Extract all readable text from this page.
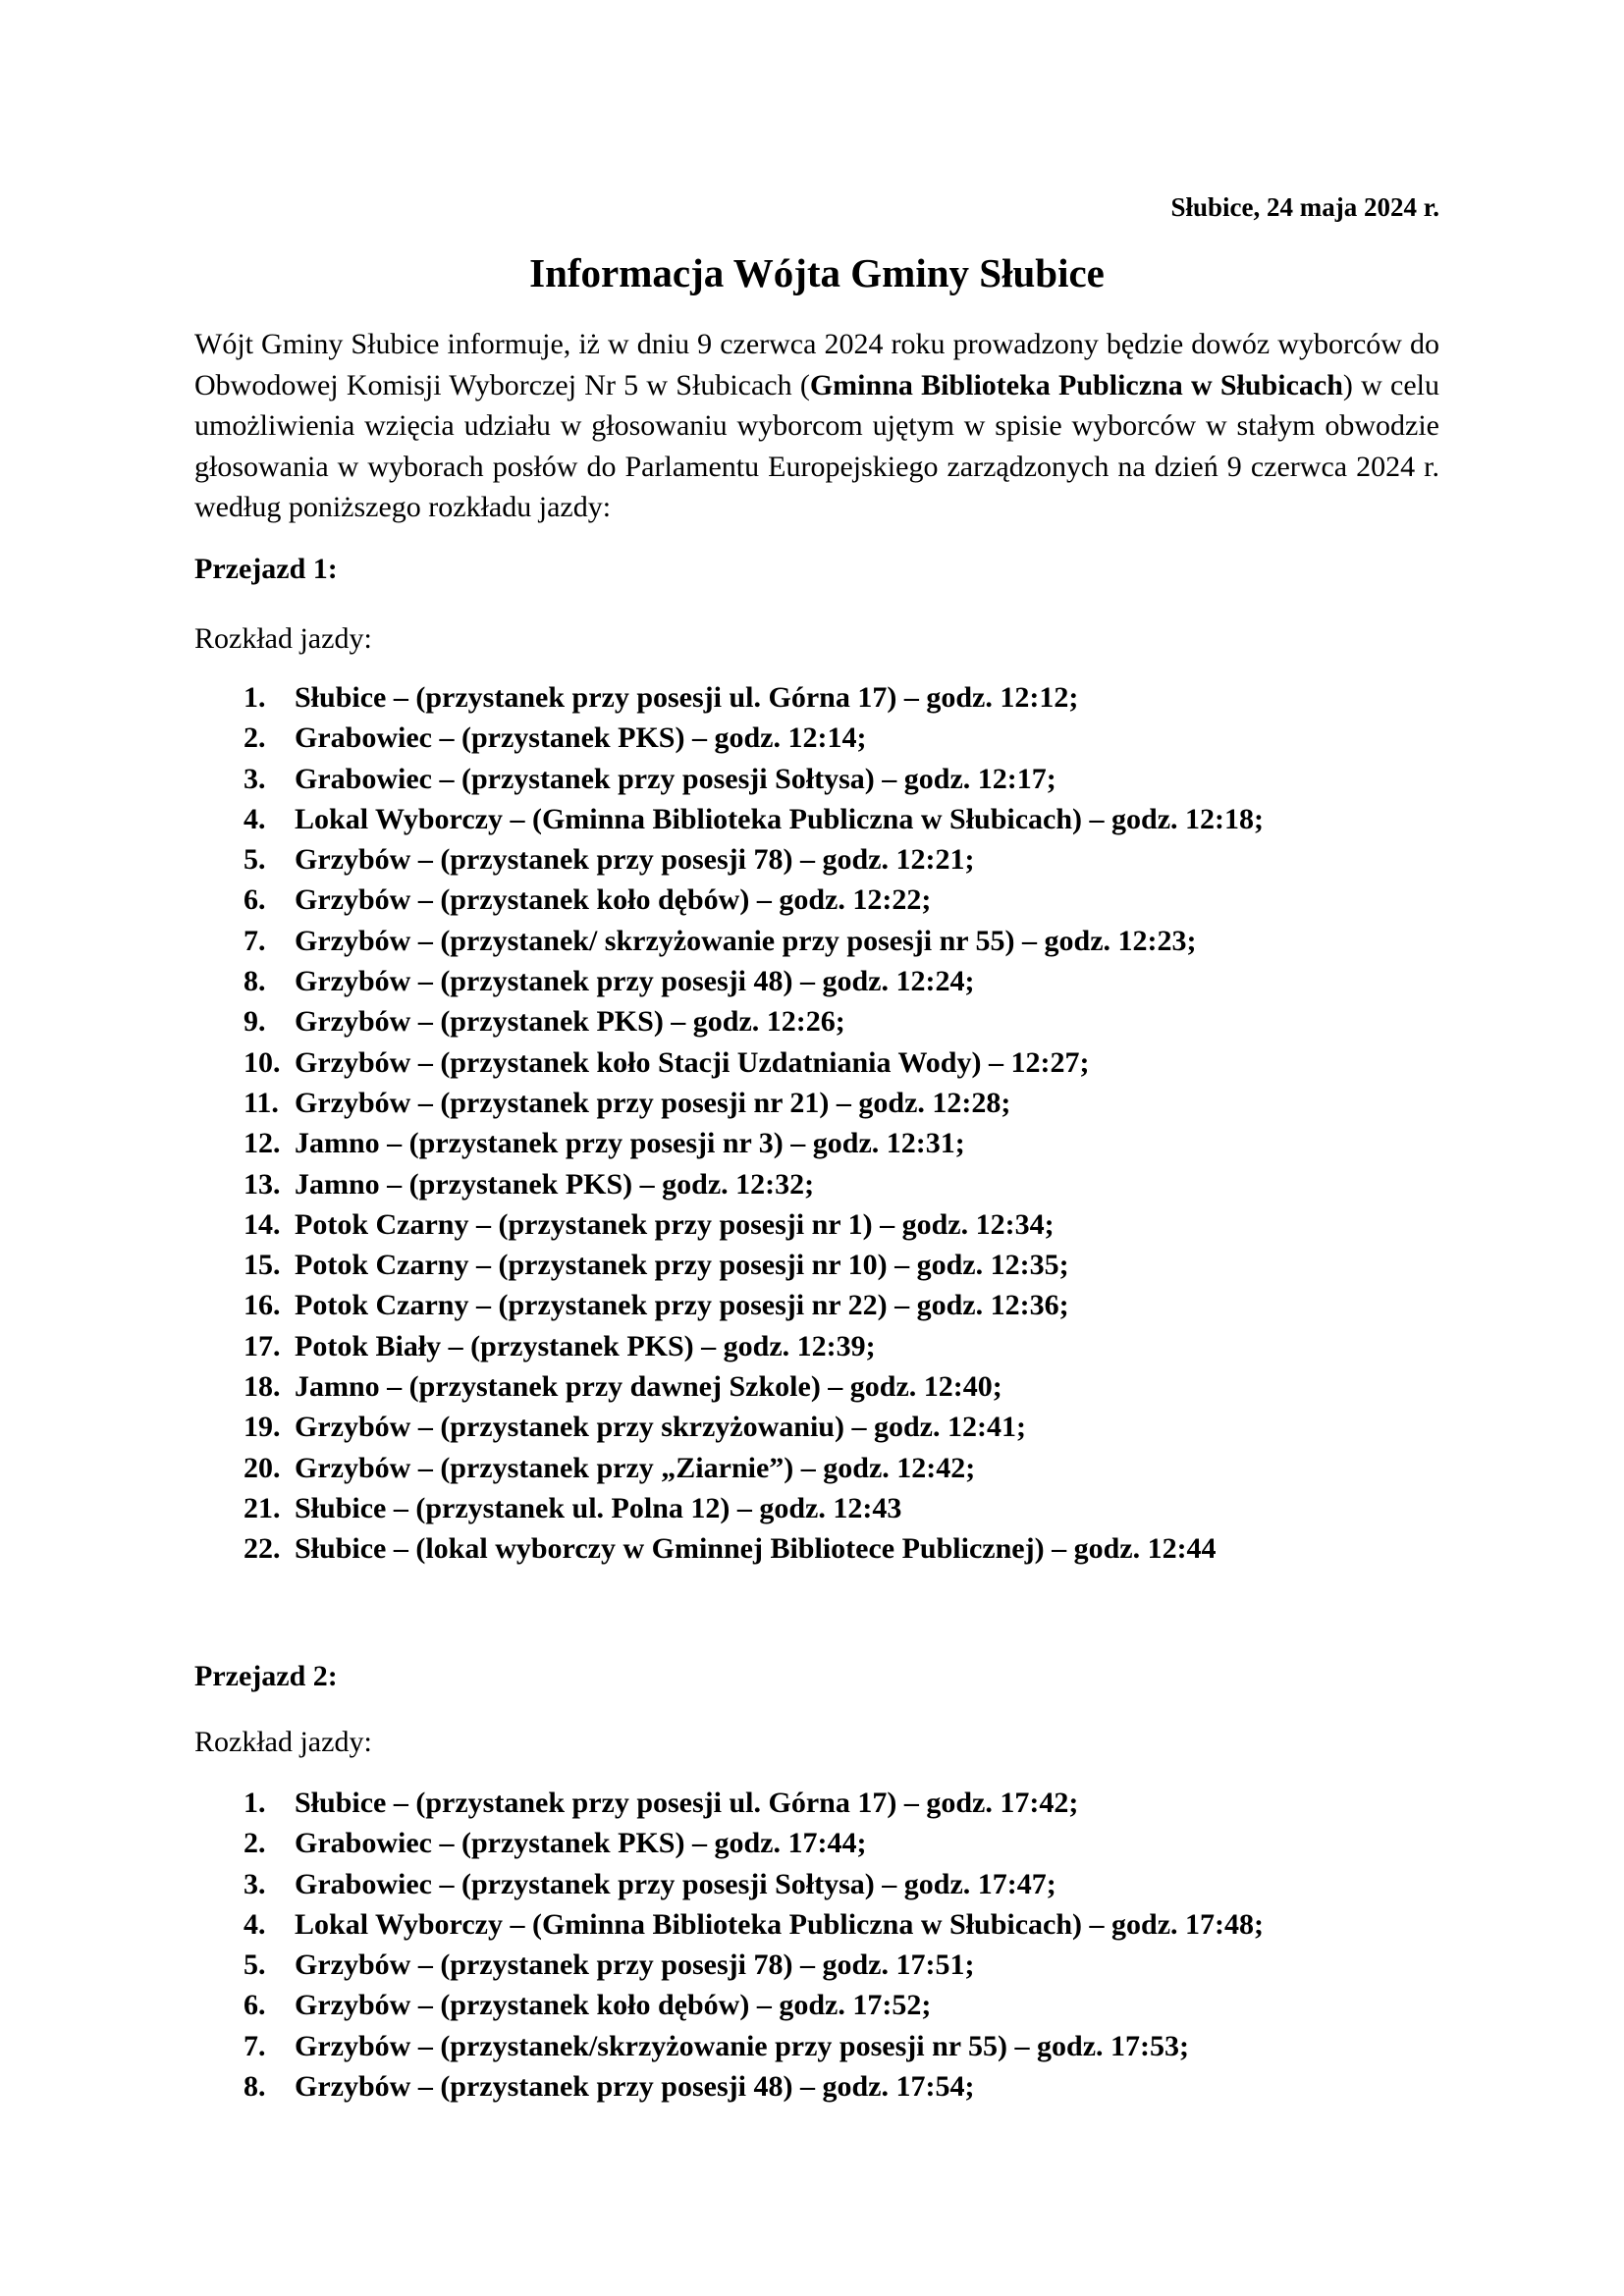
Słubice, 24 maja 2024 r.
Informacja Wójta Gminy Słubice

Wójt Gminy Słubice informuje, iż w dniu 9 czerwca 2024 roku prowadzony będzie dowóz wyborców do Obwodowej Komisji Wyborczej Nr 5 w Słubicach (Gminna Biblioteka Publiczna w Słubicach) w celu umożliwienia wzięcia udziału w głosowaniu wyborcom ujętym w spisie wyborców w stałym obwodzie głosowania w wyborach posłów do Parlamentu Europejskiego zarządzonych na dzień 9 czerwca 2024 r. według poniższego rozkładu jazdy:

Przejazd 1:
Rozkład jazdy:
1. Słubice – (przystanek przy posesji ul. Górna 17) – godz. 12:12;
2. Grabowiec – (przystanek PKS) – godz. 12:14;
3. Grabowiec – (przystanek przy posesji Sołtysa) – godz. 12:17;
4. Lokal Wyborczy – (Gminna Biblioteka Publiczna w Słubicach) – godz. 12:18;
5. Grzybów – (przystanek przy posesji 78) – godz. 12:21;
6. Grzybów – (przystanek koło dębów) – godz. 12:22;
7. Grzybów – (przystanek/ skrzyżowanie przy posesji nr 55) – godz. 12:23;
8. Grzybów – (przystanek przy posesji 48) – godz. 12:24;
9. Grzybów – (przystanek PKS) – godz. 12:26;
10. Grzybów – (przystanek koło Stacji Uzdatniania Wody) – 12:27;
11. Grzybów – (przystanek przy posesji nr 21) – godz. 12:28;
12. Jamno – (przystanek przy posesji nr 3) – godz. 12:31;
13. Jamno – (przystanek PKS) – godz. 12:32;
14. Potok Czarny – (przystanek przy posesji nr 1) – godz. 12:34;
15. Potok Czarny – (przystanek przy posesji nr 10) – godz. 12:35;
16. Potok Czarny – (przystanek przy posesji nr 22) – godz. 12:36;
17. Potok Biały – (przystanek PKS) – godz. 12:39;
18. Jamno – (przystanek przy dawnej Szkole) – godz. 12:40;
19. Grzybów – (przystanek przy skrzyżowaniu) – godz. 12:41;
20. Grzybów – (przystanek przy „Ziarnie”) – godz. 12:42;
21. Słubice – (przystanek ul. Polna 12) – godz. 12:43
22. Słubice – (lokal wyborczy w Gminnej Bibliotece Publicznej) – godz. 12:44
Przejazd 2:
Rozkład jazdy:
1. Słubice – (przystanek przy posesji ul. Górna 17) – godz. 17:42;
2. Grabowiec – (przystanek PKS) – godz. 17:44;
3. Grabowiec – (przystanek przy posesji Sołtysa) – godz. 17:47;
4. Lokal Wyborczy – (Gminna Biblioteka Publiczna w Słubicach) – godz. 17:48;
5. Grzybów – (przystanek przy posesji 78) – godz. 17:51;
6. Grzybów – (przystanek koło dębów) – godz. 17:52;
7. Grzybów – (przystanek/skrzyżowanie przy posesji nr 55) – godz. 17:53;
8. Grzybów – (przystanek przy posesji 48) – godz. 17:54;
